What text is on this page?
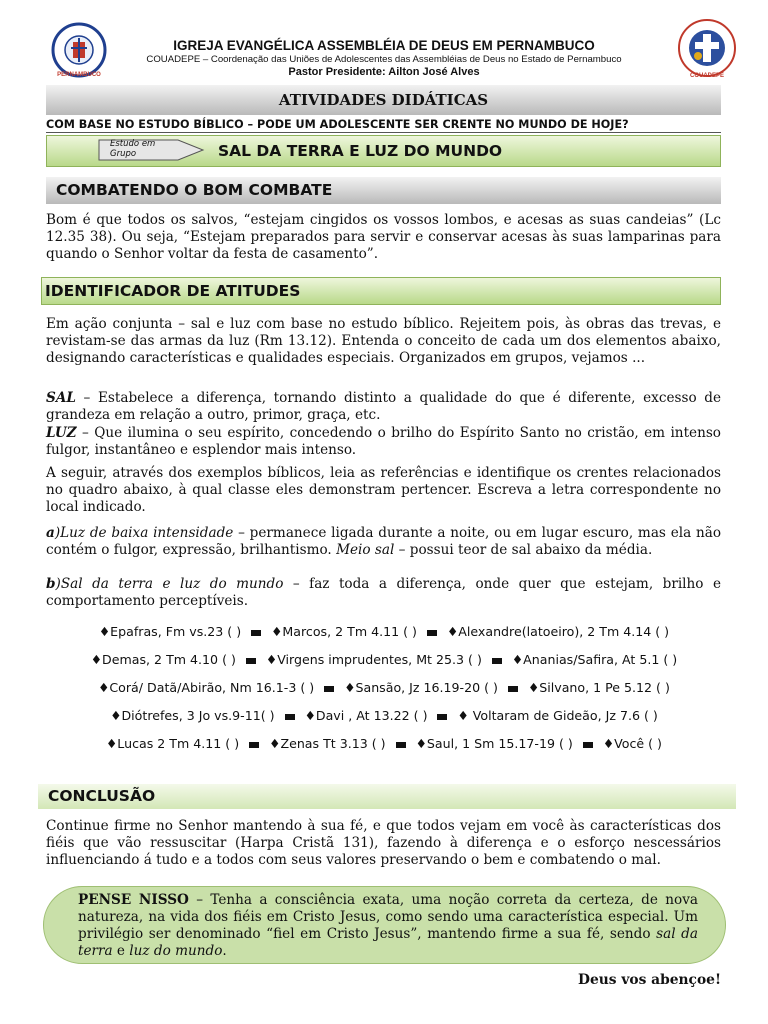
PERNAMBUCO
IGREJA EVANGÉLICA ASSEMBLÉIA DE DEUS EM PERNAMBUCO
COUADEPE – Coordenação das Uniões de Adolescentes das Assembléias de Deus no Estado de Pernambuco
Pastor Presidente: Ailton José Alves	COUADEPE
ATIVIDADES DIDÁTICAS
COM BASE NO ESTUDO BÍBLICO – PODE UM ADOLESCENTE SER CRENTE NO MUNDO DE HOJE?
Estudo em
Grupo	SAL DA TERRA E LUZ DO MUNDO
COMBATENDO O BOM COMBATE
Bom é que todos os salvos, “estejam cingidos os vossos lombos, e acesas as suas candeias” (Lc 12.35 38). Ou seja, “Estejam preparados para servir e conservar acesas às suas lamparinas para quando o Senhor voltar da festa de casamento”.
IDENTIFICADOR DE ATITUDES
Em ação conjunta – sal e luz com base no estudo bíblico. Rejeitem pois, às obras das trevas, e revistam-se das armas da luz (Rm 13.12). Entenda o conceito de cada um dos elementos abaixo, designando características e qualidades especiais. Organizados em grupos, vejamos ...
SAL – Estabelece a diferença, tornando distinto a qualidade do que é diferente, excesso de grandeza em relação a outro, primor, graça, etc.
LUZ – Que ilumina o seu espírito, concedendo o brilho do Espírito Santo no cristão, em intenso fulgor, instantâneo e esplendor mais intenso.
A seguir, através dos exemplos bíblicos, leia as referências e identifique os crentes relacionados no quadro abaixo, à qual classe eles demonstram pertencer. Escreva a letra correspondente no local indicado.
a)Luz de baixa intensidade – permanece ligada durante a noite, ou em lugar escuro, mas ela não contém o fulgor, expressão, brilhantismo. Meio sal – possui teor de sal abaixo da média.
b)Sal da terra e luz do mundo – faz toda a diferença, onde quer que estejam, brilho e comportamento perceptíveis.
♦Epafras, Fm vs.23 ( ) ♦Marcos, 2 Tm 4.11 ( ) ♦Alexandre(latoeiro), 2 Tm 4.14 ( )
♦Demas, 2 Tm 4.10 ( ) ♦Virgens imprudentes, Mt 25.3 ( ) ♦Ananias/Safira, At 5.1 ( )
♦Corá/ Datã/Abirão, Nm 16.1-3 ( ) ♦Sansão, Jz 16.19-20 ( ) ♦Silvano, 1 Pe 5.12 ( )
♦Diótrefes, 3 Jo vs.9-11( ) ♦Davi , At 13.22 ( ) ♦ Voltaram de Gideão, Jz 7.6 ( )
♦Lucas 2 Tm 4.11 ( ) ♦Zenas Tt 3.13 ( ) ♦Saul, 1 Sm 15.17-19 ( ) ♦Você ( )
CONCLUSÃO
Continue firme no Senhor mantendo à sua fé, e que todos vejam em você às características dos fiéis que vão ressuscitar (Harpa Cristã 131), fazendo à diferença e o esforço nescessários influenciando á tudo e a todos com seus valores preservando o bem e combatendo o mal.
PENSE NISSO – Tenha a consciência exata, uma noção correta da certeza, de nova natureza, na vida dos fiéis em Cristo Jesus, como sendo uma característica especial. Um privilégio ser denominado “fiel em Cristo Jesus”, mantendo firme a sua fé, sendo sal da terra e luz do mundo.
Deus vos abençoe!
